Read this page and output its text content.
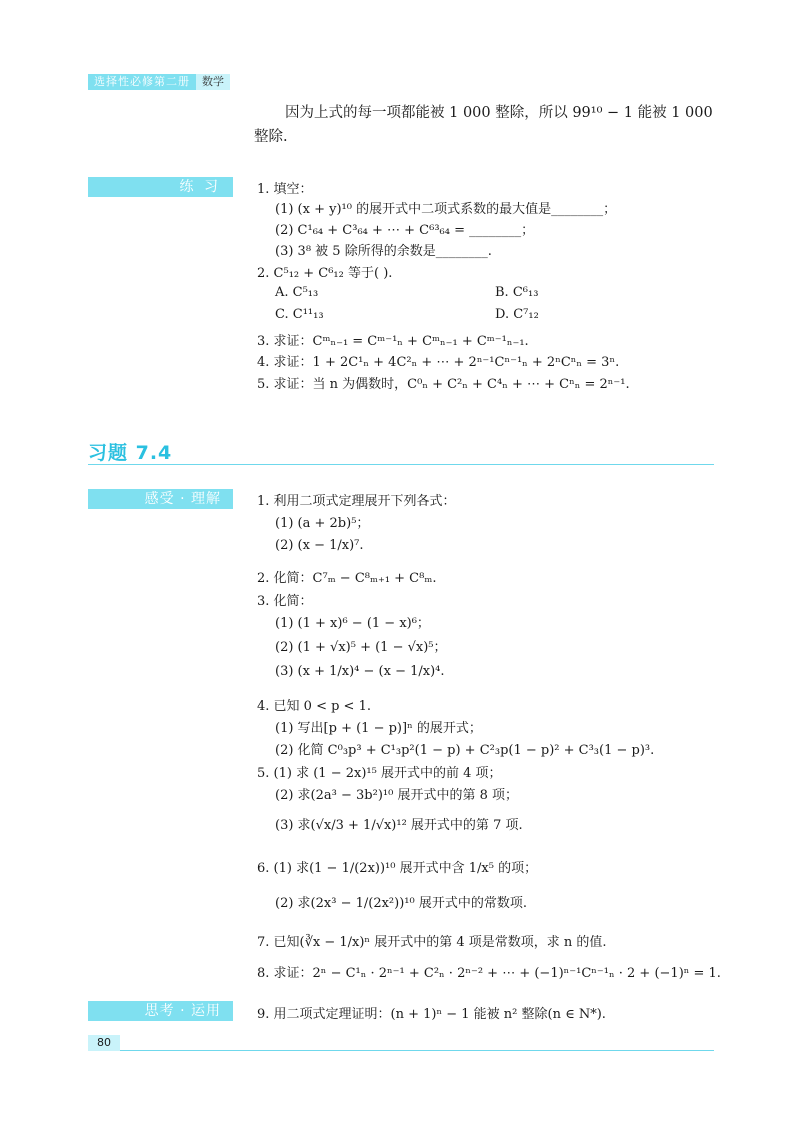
选择性必修第二册	数学
因为上式的每一项都能被 1 000 整除，所以 99¹⁰ − 1 能被 1 000
整除.
练 习	1. 填空：
(1) (x + y)¹⁰ 的展开式中二项式系数的最大值是________；
(2) C¹₆₄ + C³₆₄ + ⋯ + C⁶³₆₄ = ________；
(3) 3⁸ 被 5 除所得的余数是________.
2. C⁵₁₂ + C⁶₁₂ 等于( ).
A. C⁵₁₃	B. C⁶₁₃
C. C¹¹₁₃	D. C⁷₁₂
3. 求证：Cᵐₙ₋₁ = Cᵐ⁻¹ₙ + Cᵐₙ₋₁ + Cᵐ⁻¹ₙ₋₁.
4. 求证：1 + 2C¹ₙ + 4C²ₙ + ⋯ + 2ⁿ⁻¹Cⁿ⁻¹ₙ + 2ⁿCⁿₙ = 3ⁿ.
5. 求证：当 n 为偶数时，C⁰ₙ + C²ₙ + C⁴ₙ + ⋯ + Cⁿₙ = 2ⁿ⁻¹.
习题 7.4
感受 · 理解	1. 利用二项式定理展开下列各式：
(1) (a + 2b)⁵；
(2) (x − 1/x)⁷.
2. 化简：C⁷ₘ − C⁸ₘ₊₁ + C⁸ₘ.
3. 化简：
(1) (1 + x)⁶ − (1 − x)⁶；
(2) (1 + √x)⁵ + (1 − √x)⁵；
(3) (x + 1/x)⁴ − (x − 1/x)⁴.
4. 已知 0 < p < 1.
(1) 写出[p + (1 − p)]ⁿ 的展开式；
(2) 化简 C⁰₃p³ + C¹₃p²(1 − p) + C²₃p(1 − p)² + C³₃(1 − p)³.
5. (1) 求 (1 − 2x)¹⁵ 展开式中的前 4 项；
(2) 求(2a³ − 3b²)¹⁰ 展开式中的第 8 项；
(3) 求(√x/3 + 1/√x)¹² 展开式中的第 7 项.
6. (1) 求(1 − 1/(2x))¹⁰ 展开式中含 1/x⁵ 的项；
(2) 求(2x³ − 1/(2x²))¹⁰ 展开式中的常数项.
7. 已知(∛x − 1/x)ⁿ 展开式中的第 4 项是常数项，求 n 的值.
8. 求证：2ⁿ − C¹ₙ · 2ⁿ⁻¹ + C²ₙ · 2ⁿ⁻² + ⋯ + (−1)ⁿ⁻¹Cⁿ⁻¹ₙ · 2 + (−1)ⁿ = 1.
思考 · 运用	9. 用二项式定理证明：(n + 1)ⁿ − 1 能被 n² 整除(n ∈ N*).
80
